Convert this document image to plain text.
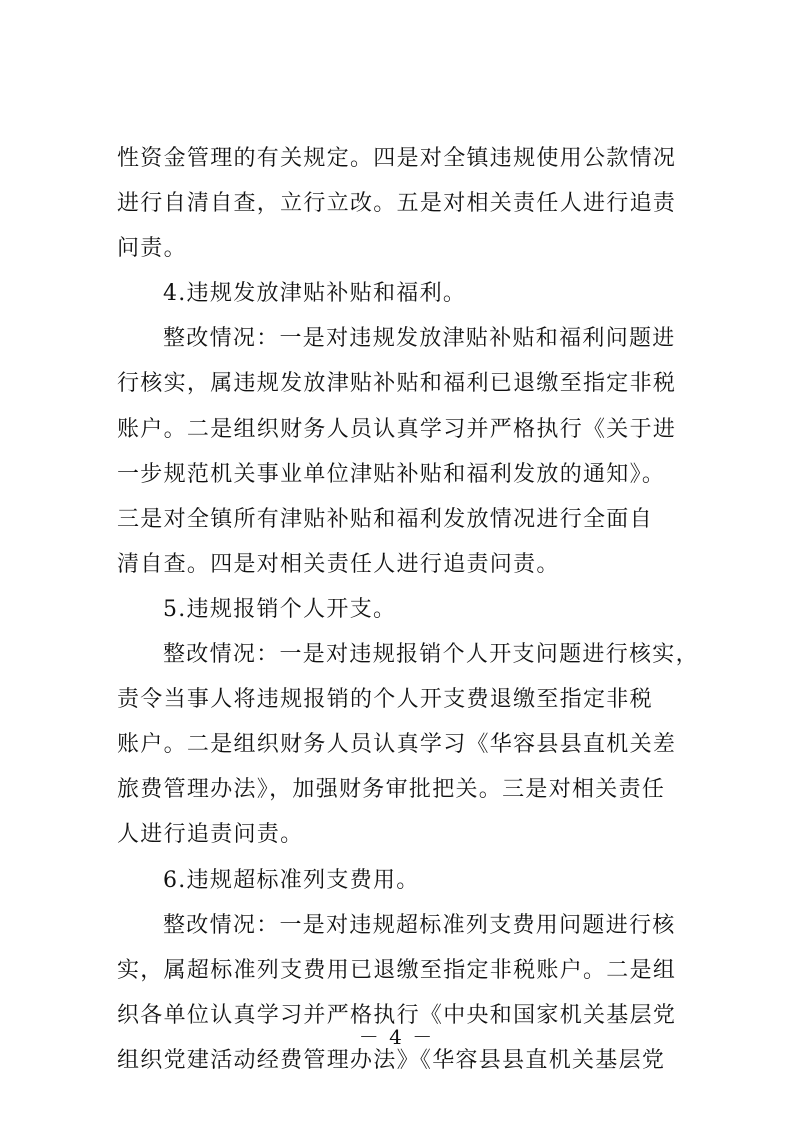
性资金管理的有关规定。四是对全镇违规使用公款情况
进行自清自查，立行立改。五是对相关责任人进行追责
问责。
4.违规发放津贴补贴和福利。
整改情况：一是对违规发放津贴补贴和福利问题进
行核实，属违规发放津贴补贴和福利已退缴至指定非税
账户。二是组织财务人员认真学习并严格执行《关于进
一步规范机关事业单位津贴补贴和福利发放的通知》。
三是对全镇所有津贴补贴和福利发放情况进行全面自
清自查。四是对相关责任人进行追责问责。
5.违规报销个人开支。
整改情况：一是对违规报销个人开支问题进行核实，
责令当事人将违规报销的个人开支费退缴至指定非税
账户。二是组织财务人员认真学习《华容县县直机关差
旅费管理办法》，加强财务审批把关。三是对相关责任
人进行追责问责。
6.违规超标准列支费用。
整改情况：一是对违规超标准列支费用问题进行核
实，属超标准列支费用已退缴至指定非税账户。二是组
织各单位认真学习并严格执行《中央和国家机关基层党
组织党建活动经费管理办法》《华容县县直机关基层党
－ 4 －
